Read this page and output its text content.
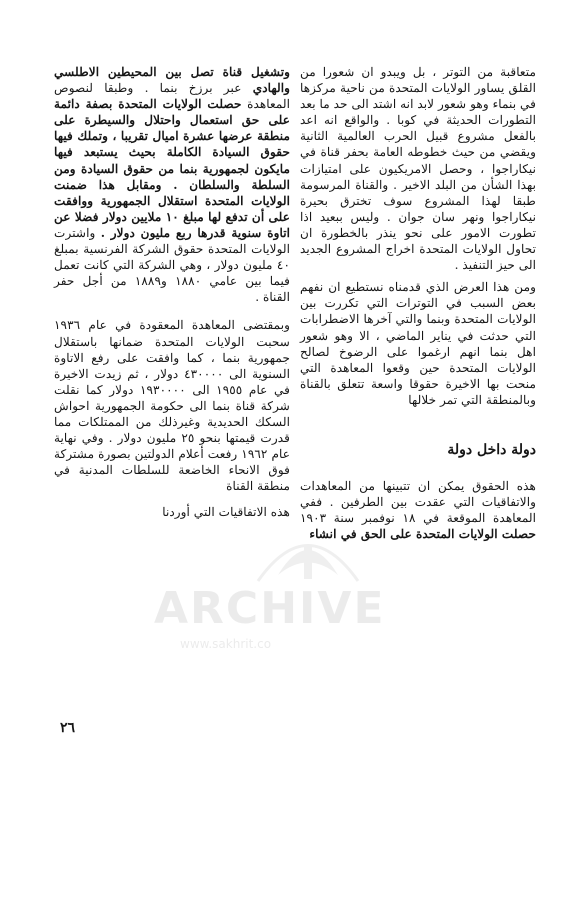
ARCHIVE
www.sakhrit.co

متعاقبة من التوتر ، بل ويبدو ان شعورا من القلق يساور الولايات المتحدة من ناحية مركزها في بنماء وهو شعور لابد انه اشتد الى حد ما بعد التطورات الحديثة في كوبا . والواقع انه اعد بالفعل مشروع قبيل الحرب العالمية الثانية ويقضي من حيث خطوطه العامة بحفر قناة في نيكاراجوا ، وحصل الامريكيون على امتيازات بهذا الشأن من البلد الاخير . والقناة المرسومة طبقا لهذا المشروع سوف تخترق بحيرة نيكاراجوا ونهر سان جوان . وليس ببعيد اذا تطورت الامور على نحو ينذر بالخطورة ان تحاول الولايات المتحدة اخراج المشروع الجديد الى حيز التنفيذ .

ومن هذا العرض الذي قدمناه نستطيع ان نفهم بعض السبب في التوترات التي تكررت بين الولايات المتحدة وبنما والتي آخرها الاضطرابات التي حدثت في يناير الماضي ، الا وهو شعور اهل بنما انهم ارغموا على الرضوخ لصالح الولايات المتحدة حين وقعوا المعاهدة التي منحت بها الاخيرة حقوقا واسعة تتعلق بالقناة وبالمنطقة التي تمر خلالها

دولة داخل دولة

هذه الحقوق يمكن ان تتبينها من المعاهدات والاتفاقيات التي عقدت بين الطرفين . ففي المعاهدة الموقعة في ١٨ نوفمبر سنة ١٩٠٣ حصلت الولايات المتحدة على الحق في انشاء

وتشغيل قناة تصل بين المحيطين الاطلسي والهادي عبر برزخ بنما . وطبقا لنصوص المعاهدة حصلت الولايات المتحدة بصفة دائمة على حق استعمال واحتلال والسيطرة على منطقة عرضها عشرة اميال تقريبا ، وتملك فيها حقوق السيادة الكاملة بحيث يستبعد فيها مايكون لجمهورية بنما من حقوق السيادة ومن السلطة والسلطان . ومقابل هذا ضمنت الولايات المتحدة استقلال الجمهورية ووافقت على أن تدفع لها مبلغ ١٠ ملايين دولار فضلا عن اتاوة سنوية قدرها ربع مليون دولار . واشترت الولايات المتحدة حقوق الشركة الفرنسية بمبلغ ٤٠ مليون دولار ، وهي الشركة التي كانت تعمل فيما بين عامي ١٨٨٠ و١٨٨٩ من أجل حفر القناة .

وبمقتضى المعاهدة المعقودة في عام ١٩٣٦ سحبت الولايات المتحدة ضمانها باستقلال جمهورية بنما ، كما وافقت على رفع الاتاوة السنوية الى ٤٣٠٠٠٠ دولار ، ثم زيدت الاخيرة في عام ١٩٥٥ الى ١٩٣٠٠٠٠ دولار كما نقلت شركة قناة بنما الى حكومة الجمهورية احواش السكك الحديدية وغيرذلك من الممتلكات مما قدرت قيمتها بنحو ٢٥ مليون دولار . وفي نهاية عام ١٩٦٢ رفعت أعلام الدولتين بصورة مشتركة فوق الانحاء الخاضعة للسلطات المدنية في منطقة القناة

هذه الاتفاقيات التي أوردنا

٢٦
